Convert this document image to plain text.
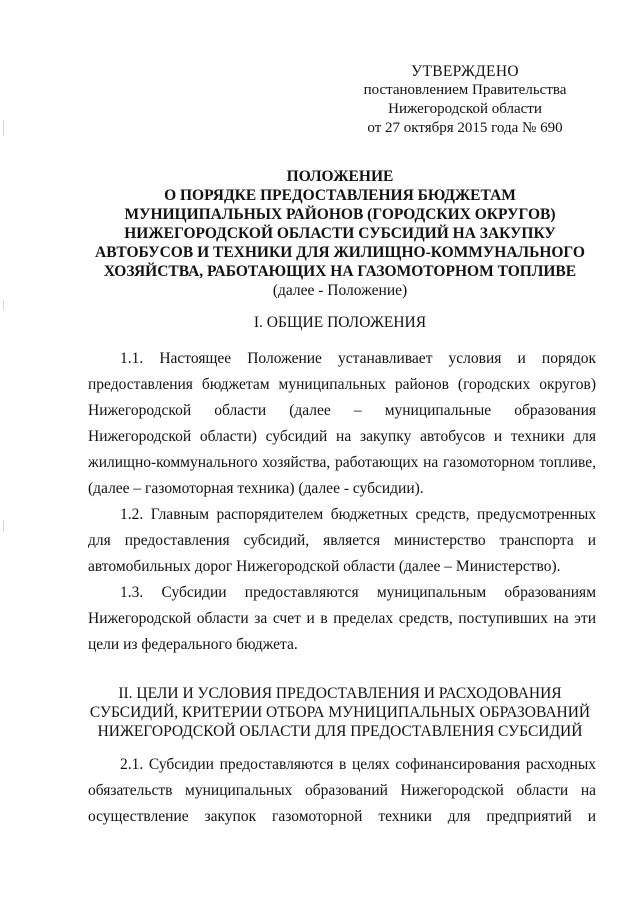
УТВЕРЖДЕНО
постановлением Правительства
Нижегородской области
от 27 октября 2015 года № 690
ПОЛОЖЕНИЕ
О ПОРЯДКЕ ПРЕДОСТАВЛЕНИЯ БЮДЖЕТАМ
МУНИЦИПАЛЬНЫХ РАЙОНОВ (ГОРОДСКИХ ОКРУГОВ)
НИЖЕГОРОДСКОЙ ОБЛАСТИ СУБСИДИЙ НА ЗАКУПКУ
АВТОБУСОВ И ТЕХНИКИ ДЛЯ ЖИЛИЩНО-КОММУНАЛЬНОГО
ХОЗЯЙСТВА, РАБОТАЮЩИХ НА ГАЗОМОТОРНОМ ТОПЛИВЕ
(далее - Положение)
I. ОБЩИЕ ПОЛОЖЕНИЯ
1.1. Настоящее Положение устанавливает условия и порядок
предоставления бюджетам муниципальных районов (городских округов)
Нижегородской области (далее – муниципальные образования
Нижегородской области) субсидий на закупку автобусов и техники для
жилищно-коммунального хозяйства, работающих на газомоторном топливе,
(далее – газомоторная техника) (далее - субсидии).
1.2. Главным распорядителем бюджетных средств, предусмотренных
для предоставления субсидий, является министерство транспорта и
автомобильных дорог Нижегородской области (далее – Министерство).
1.3. Субсидии предоставляются муниципальным образованиям
Нижегородской области за счет и в пределах средств, поступивших на эти
цели из федерального бюджета.
II. ЦЕЛИ И УСЛОВИЯ ПРЕДОСТАВЛЕНИЯ И РАСХОДОВАНИЯ
СУБСИДИЙ, КРИТЕРИИ ОТБОРА МУНИЦИПАЛЬНЫХ ОБРАЗОВАНИЙ
НИЖЕГОРОДСКОЙ ОБЛАСТИ ДЛЯ ПРЕДОСТАВЛЕНИЯ СУБСИДИЙ
2.1. Субсидии предоставляются в целях софинансирования расходных
обязательств муниципальных образований Нижегородской области на
осуществление закупок газомоторной техники для предприятий и
